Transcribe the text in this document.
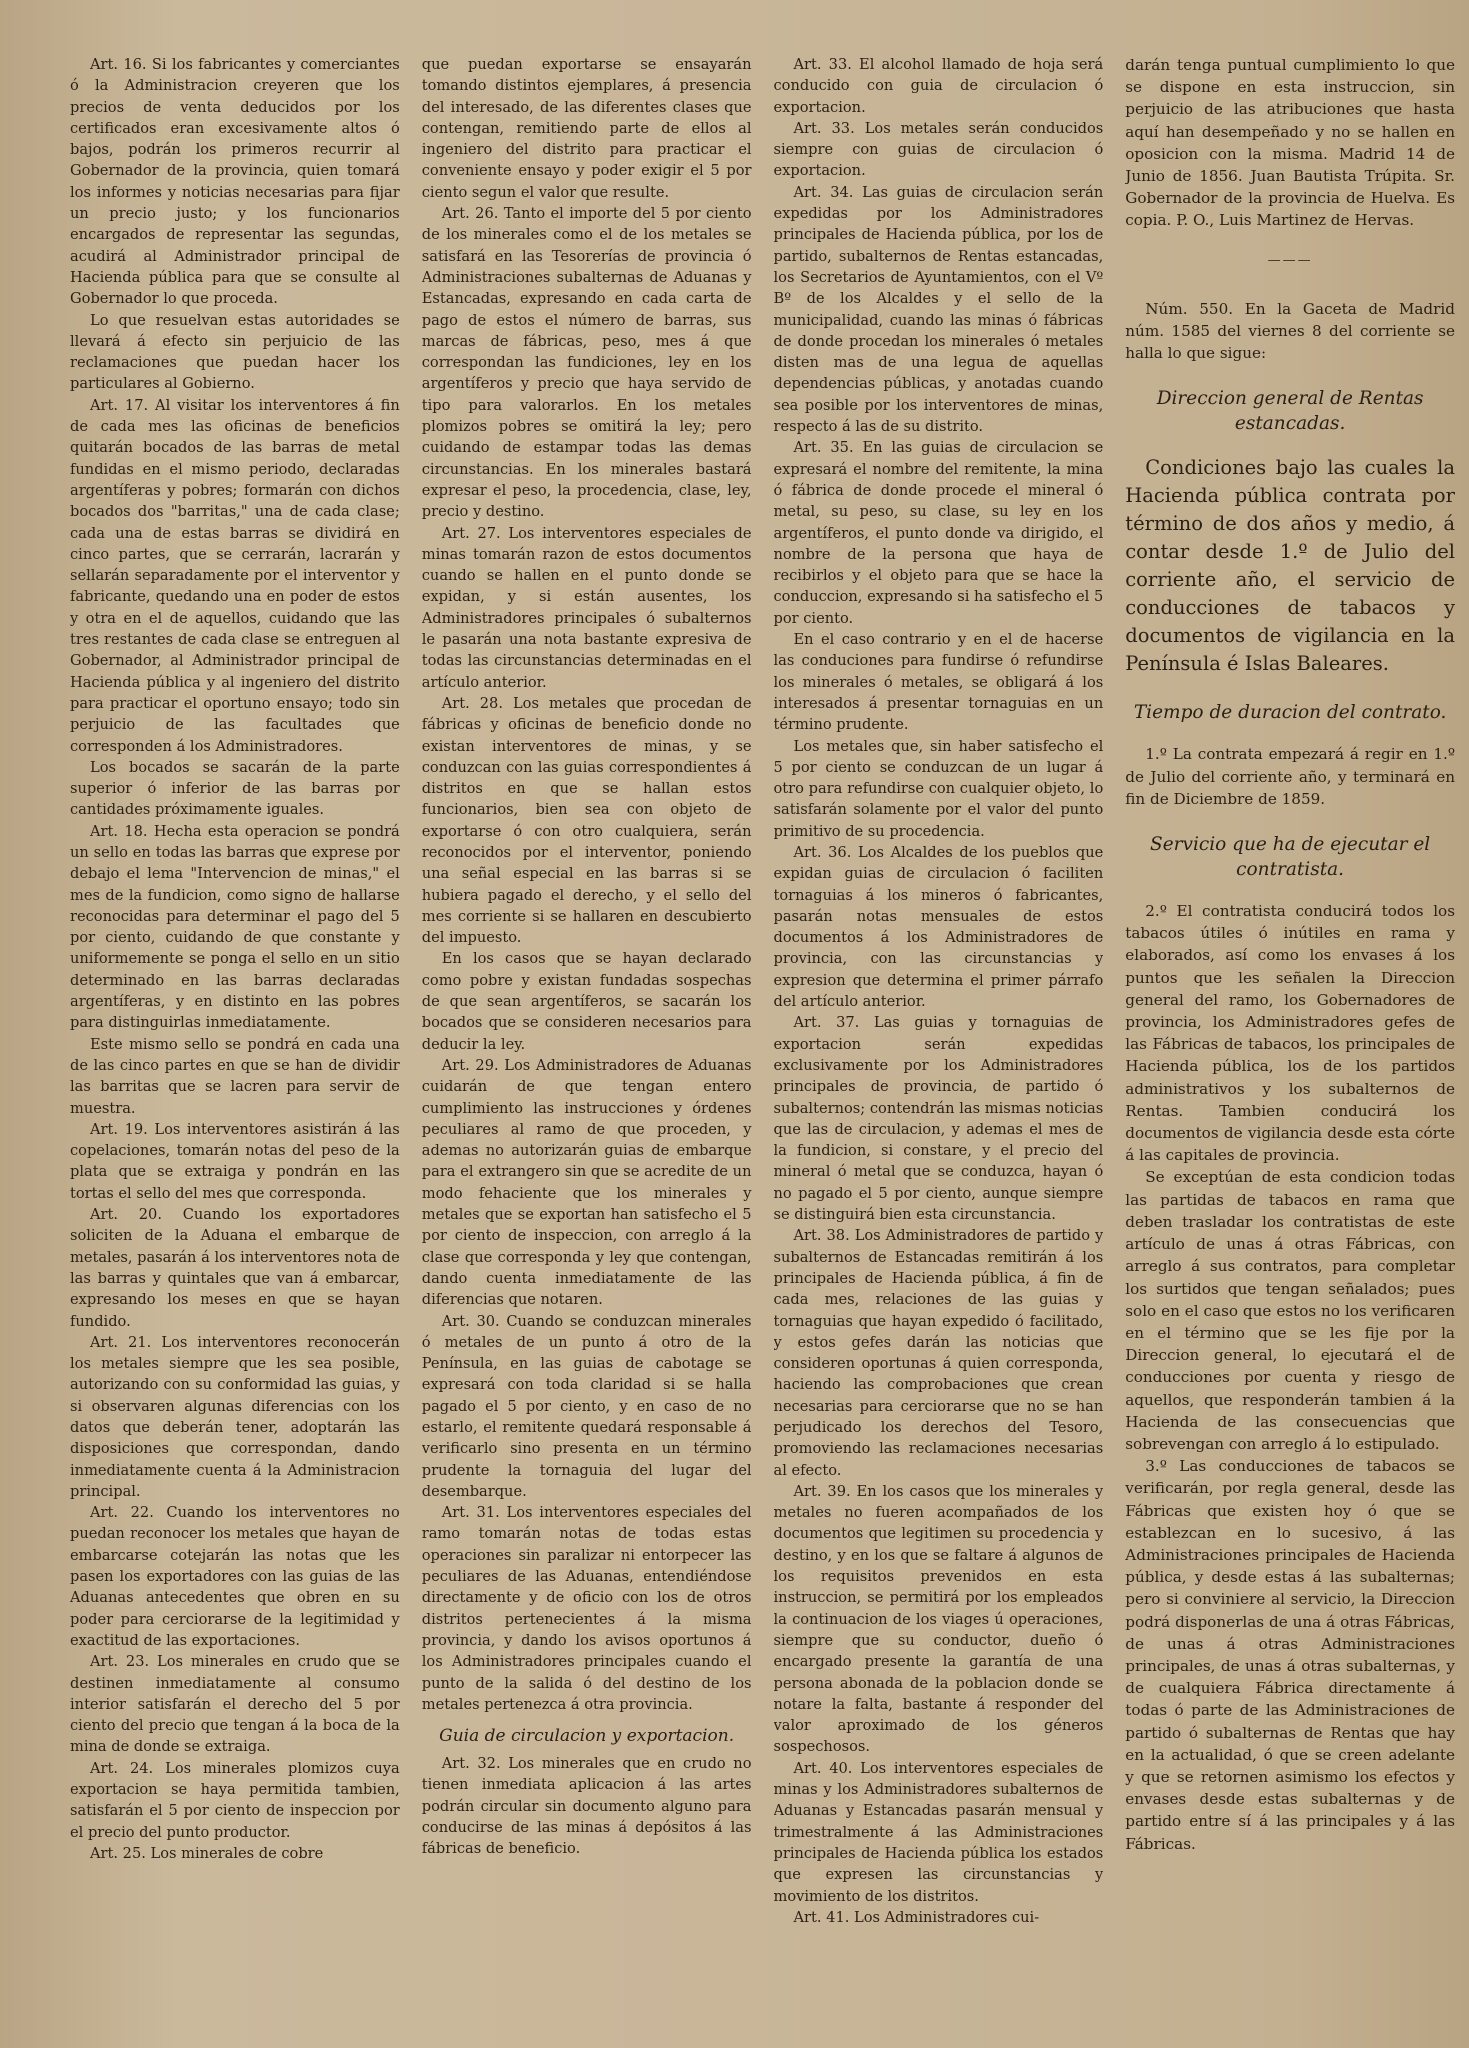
Art. 16. Si los fabricantes y comerciantes ó la Administracion creyeren que los precios de venta deducidos por los certificados eran excesivamente altos ó bajos, podrán los primeros recurrir al Gobernador de la provincia, quien tomará los informes y noticias necesarias para fijar un precio justo; y los funcionarios encargados de representar las segundas, acudirá al Administrador principal de Hacienda pública para que se consulte al Gobernador lo que proceda.

Lo que resuelvan estas autoridades se llevará á efecto sin perjuicio de las reclamaciones que puedan hacer los particulares al Gobierno.

Art. 17. Al visitar los interventores á fin de cada mes las oficinas de beneficios quitarán bocados de las barras de metal fundidas en el mismo periodo, declaradas argentíferas y pobres; formarán con dichos bocados dos "barritas," una de cada clase; cada una de estas barras se dividirá en cinco partes, que se cerrarán, lacrarán y sellarán separadamente por el interventor y fabricante, quedando una en poder de estos y otra en el de aquellos, cuidando que las tres restantes de cada clase se entreguen al Gobernador, al Administrador principal de Hacienda pública y al ingeniero del distrito para practicar el oportuno ensayo; todo sin perjuicio de las facultades que corresponden á los Administradores.

Los bocados se sacarán de la parte superior ó inferior de las barras por cantidades próximamente iguales.

Art. 18. Hecha esta operacion se pondrá un sello en todas las barras que exprese por debajo el lema "Intervencion de minas," el mes de la fundicion, como signo de hallarse reconocidas para determinar el pago del 5 por ciento, cuidando de que constante y uniformemente se ponga el sello en un sitio determinado en las barras declaradas argentíferas, y en distinto en las pobres para distinguirlas inmediatamente.

Este mismo sello se pondrá en cada una de las cinco partes en que se han de dividir las barritas que se lacren para servir de muestra.

Art. 19. Los interventores asistirán á las copelaciones, tomarán notas del peso de la plata que se extraiga y pondrán en las tortas el sello del mes que corresponda.

Art. 20. Cuando los exportadores soliciten de la Aduana el embarque de metales, pasarán á los interventores nota de las barras y quintales que van á embarcar, expresando los meses en que se hayan fundido.

Art. 21. Los interventores reconocerán los metales siempre que les sea posible, autorizando con su conformidad las guias, y si observaren algunas diferencias con los datos que deberán tener, adoptarán las disposiciones que correspondan, dando inmediatamente cuenta á la Administracion principal.

Art. 22. Cuando los interventores no puedan reconocer los metales que hayan de embarcarse cotejarán las notas que les pasen los exportadores con las guias de las Aduanas antecedentes que obren en su poder para cerciorarse de la legitimidad y exactitud de las exportaciones.

Art. 23. Los minerales en crudo que se destinen inmediatamente al consumo interior satisfarán el derecho del 5 por ciento del precio que tengan á la boca de la mina de donde se extraiga.

Art. 24. Los minerales plomizos cuya exportacion se haya permitida tambien, satisfarán el 5 por ciento de inspeccion por el precio del punto productor.

Art. 25. Los minerales de cobre

que puedan exportarse se ensayarán tomando distintos ejemplares, á presencia del interesado, de las diferentes clases que contengan, remitiendo parte de ellos al ingeniero del distrito para practicar el conveniente ensayo y poder exigir el 5 por ciento segun el valor que resulte.

Art. 26. Tanto el importe del 5 por ciento de los minerales como el de los metales se satisfará en las Tesorerías de provincia ó Administraciones subalternas de Aduanas y Estancadas, expresando en cada carta de pago de estos el número de barras, sus marcas de fábricas, peso, mes á que correspondan las fundiciones, ley en los argentíferos y precio que haya servido de tipo para valorarlos. En los metales plomizos pobres se omitirá la ley; pero cuidando de estampar todas las demas circunstancias. En los minerales bastará expresar el peso, la procedencia, clase, ley, precio y destino.

Art. 27. Los interventores especiales de minas tomarán razon de estos documentos cuando se hallen en el punto donde se expidan, y si están ausentes, los Administradores principales ó subalternos le pasarán una nota bastante expresiva de todas las circunstancias determinadas en el artículo anterior.

Art. 28. Los metales que procedan de fábricas y oficinas de beneficio donde no existan interventores de minas, y se conduzcan con las guias correspondientes á distritos en que se hallan estos funcionarios, bien sea con objeto de exportarse ó con otro cualquiera, serán reconocidos por el interventor, poniendo una señal especial en las barras si se hubiera pagado el derecho, y el sello del mes corriente si se hallaren en descubierto del impuesto.

En los casos que se hayan declarado como pobre y existan fundadas sospechas de que sean argentíferos, se sacarán los bocados que se consideren necesarios para deducir la ley.

Art. 29. Los Administradores de Aduanas cuidarán de que tengan entero cumplimiento las instrucciones y órdenes peculiares al ramo de que proceden, y ademas no autorizarán guias de embarque para el extrangero sin que se acredite de un modo fehaciente que los minerales y metales que se exportan han satisfecho el 5 por ciento de inspeccion, con arreglo á la clase que corresponda y ley que contengan, dando cuenta inmediatamente de las diferencias que notaren.

Art. 30. Cuando se conduzcan minerales ó metales de un punto á otro de la Península, en las guias de cabotage se expresará con toda claridad si se halla pagado el 5 por ciento, y en caso de no estarlo, el remitente quedará responsable á verificarlo sino presenta en un término prudente la tornaguia del lugar del desembarque.

Art. 31. Los interventores especiales del ramo tomarán notas de todas estas operaciones sin paralizar ni entorpecer las peculiares de las Aduanas, entendiéndose directamente y de oficio con los de otros distritos pertenecientes á la misma provincia, y dando los avisos oportunos á los Administradores principales cuando el punto de la salida ó del destino de los metales pertenezca á otra provincia.

Guia de circulacion y exportacion.

Art. 32. Los minerales que en crudo no tienen inmediata aplicacion á las artes podrán circular sin documento alguno para conducirse de las minas á depósitos á las fábricas de beneficio.

Art. 33. El alcohol llamado de hoja será conducido con guia de circulacion ó exportacion.

Art. 33. Los metales serán conducidos siempre con guias de circulacion ó exportacion.

Art. 34. Las guias de circulacion serán expedidas por los Administradores principales de Hacienda pública, por los de partido, subalternos de Rentas estancadas, los Secretarios de Ayuntamientos, con el Vº Bº de los Alcaldes y el sello de la municipalidad, cuando las minas ó fábricas de donde procedan los minerales ó metales disten mas de una legua de aquellas dependencias públicas, y anotadas cuando sea posible por los interventores de minas, respecto á las de su distrito.

Art. 35. En las guias de circulacion se expresará el nombre del remitente, la mina ó fábrica de donde procede el mineral ó metal, su peso, su clase, su ley en los argentíferos, el punto donde va dirigido, el nombre de la persona que haya de recibirlos y el objeto para que se hace la conduccion, expresando si ha satisfecho el 5 por ciento.

En el caso contrario y en el de hacerse las conduciones para fundirse ó refundirse los minerales ó metales, se obligará á los interesados á presentar tornaguias en un término prudente.

Los metales que, sin haber satisfecho el 5 por ciento se conduzcan de un lugar á otro para refundirse con cualquier objeto, lo satisfarán solamente por el valor del punto primitivo de su procedencia.

Art. 36. Los Alcaldes de los pueblos que expidan guias de circulacion ó faciliten tornaguias á los mineros ó fabricantes, pasarán notas mensuales de estos documentos á los Administradores de provincia, con las circunstancias y expresion que determina el primer párrafo del artículo anterior.

Art. 37. Las guias y tornaguias de exportacion serán expedidas exclusivamente por los Administradores principales de provincia, de partido ó subalternos; contendrán las mismas noticias que las de circulacion, y ademas el mes de la fundicion, si constare, y el precio del mineral ó metal que se conduzca, hayan ó no pagado el 5 por ciento, aunque siempre se distinguirá bien esta circunstancia.

Art. 38. Los Administradores de partido y subalternos de Estancadas remitirán á los principales de Hacienda pública, á fin de cada mes, relaciones de las guias y tornaguias que hayan expedido ó facilitado, y estos gefes darán las noticias que consideren oportunas á quien corresponda, haciendo las comprobaciones que crean necesarias para cerciorarse que no se han perjudicado los derechos del Tesoro, promoviendo las reclamaciones necesarias al efecto.

Art. 39. En los casos que los minerales y metales no fueren acompañados de los documentos que legitimen su procedencia y destino, y en los que se faltare á algunos de los requisitos prevenidos en esta instruccion, se permitirá por los empleados la continuacion de los viages ú operaciones, siempre que su conductor, dueño ó encargado presente la garantía de una persona abonada de la poblacion donde se notare la falta, bastante á responder del valor aproximado de los géneros sospechosos.

Art. 40. Los interventores especiales de minas y los Administradores subalternos de Aduanas y Estancadas pasarán mensual y trimestralmente á las Administraciones principales de Hacienda pública los estados que expresen las circunstancias y movimiento de los distritos.

Art. 41. Los Administradores cui-

darán tenga puntual cumplimiento lo que se dispone en esta instruccion, sin perjuicio de las atribuciones que hasta aquí han desempeñado y no se hallen en oposicion con la misma. Madrid 14 de Junio de 1856. Juan Bautista Trúpita. Sr. Gobernador de la provincia de Huelva. Es copia. P. O., Luis Martinez de Hervas.

———

Núm. 550. En la Gaceta de Madrid núm. 1585 del viernes 8 del corriente se halla lo que sigue:

Direccion general de Rentas estancadas.

Condiciones bajo las cuales la Hacienda pública contrata por término de dos años y medio, á contar desde 1.º de Julio del corriente año, el servicio de conducciones de tabacos y documentos de vigilancia en la Península é Islas Baleares.

Tiempo de duracion del contrato.

1.º La contrata empezará á regir en 1.º de Julio del corriente año, y terminará en fin de Diciembre de 1859.

Servicio que ha de ejecutar el contratista.

2.º El contratista conducirá todos los tabacos útiles ó inútiles en rama y elaborados, así como los envases á los puntos que les señalen la Direccion general del ramo, los Gobernadores de provincia, los Administradores gefes de las Fábricas de tabacos, los principales de Hacienda pública, los de los partidos administrativos y los subalternos de Rentas. Tambien conducirá los documentos de vigilancia desde esta córte á las capitales de provincia.

Se exceptúan de esta condicion todas las partidas de tabacos en rama que deben trasladar los contratistas de este artículo de unas á otras Fábricas, con arreglo á sus contratos, para completar los surtidos que tengan señalados; pues solo en el caso que estos no los verificaren en el término que se les fije por la Direccion general, lo ejecutará el de conducciones por cuenta y riesgo de aquellos, que responderán tambien á la Hacienda de las consecuencias que sobrevengan con arreglo á lo estipulado.

3.º Las conducciones de tabacos se verificarán, por regla general, desde las Fábricas que existen hoy ó que se establezcan en lo sucesivo, á las Administraciones principales de Hacienda pública, y desde estas á las subalternas; pero si conviniere al servicio, la Direccion podrá disponerlas de una á otras Fábricas, de unas á otras Administraciones principales, de unas á otras subalternas, y de cualquiera Fábrica directamente á todas ó parte de las Administraciones de partido ó subalternas de Rentas que hay en la actualidad, ó que se creen adelante y que se retornen asimismo los efectos y envases desde estas subalternas y de partido entre sí á las principales y á las Fábricas.
